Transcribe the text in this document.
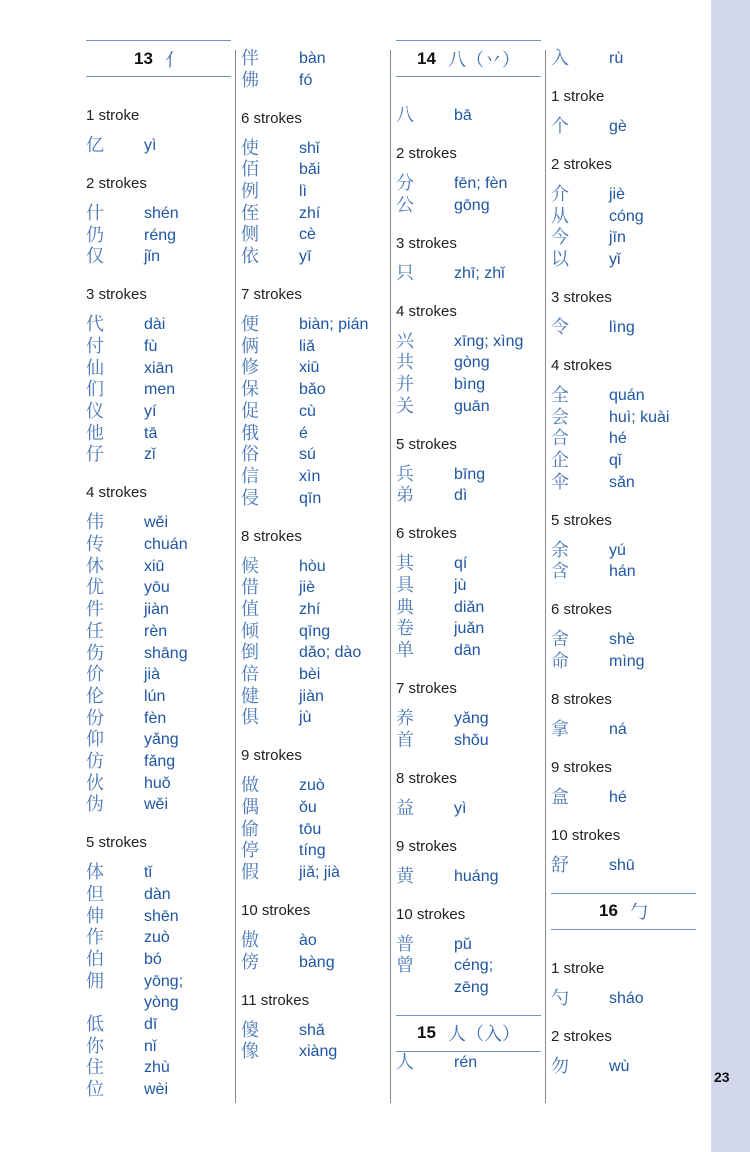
23
13 亻
1 stroke
亿	yì
2 strokes
什	shén
仍	réng
仅	jǐn
3 strokes
代	dài
付	fù
仙	xiān
们	men
仪	yí
他	tā
仔	zǐ
4 strokes
伟	wěi
传	chuán
休	xiū
优	yōu
件	jiàn
任	rèn
伤	shāng
价	jià
伦	lún
份	fèn
仰	yǎng
仿	fǎng
伙	huǒ
伪	wěi
5 strokes
体	tǐ
但	dàn
伸	shēn
作	zuò
伯	bó
佣	yōng;
yòng
低	dī
你	nǐ
住	zhù
位	wèi
伴	bàn
佛	fó
6 strokes
使	shǐ
佰	bǎi
例	lì
侄	zhí
侧	cè
依	yī
7 strokes
便	biàn; pián
俩	liǎ
修	xiū
保	bǎo
促	cù
俄	é
俗	sú
信	xìn
侵	qīn
8 strokes
候	hòu
借	jiè
值	zhí
倾	qīng
倒	dǎo; dào
倍	bèi
健	jiàn
俱	jù
9 strokes
做	zuò
偶	ǒu
偷	tōu
停	tíng
假	jiǎ; jià
10 strokes
傲	ào
傍	bàng
11 strokes
傻	shǎ
像	xiàng
14 八（丷）
八	bā
2 strokes
分	fēn; fèn
公	gōng
3 strokes
只	zhī; zhǐ
4 strokes
兴	xīng; xìng
共	gòng
并	bìng
关	guān
5 strokes
兵	bīng
弟	dì
6 strokes
其	qí
具	jù
典	diǎn
卷	juǎn
单	dān
7 strokes
养	yǎng
首	shǒu
8 strokes
益	yì
9 strokes
黄	huáng
10 strokes
普	pǔ
曾	céng;
zēng
15 人（入）
人	rén
入	rù
1 stroke
个	gè
2 strokes
介	jiè
从	cóng
今	jīn
以	yǐ
3 strokes
令	lìng
4 strokes
全	quán
会	huì; kuài
合	hé
企	qǐ
伞	sǎn
5 strokes
余	yú
含	hán
6 strokes
舍	shè
命	mìng
8 strokes
拿	ná
9 strokes
盒	hé
10 strokes
舒	shū
16 勹
1 stroke
勺	sháo
2 strokes
勿	wù
